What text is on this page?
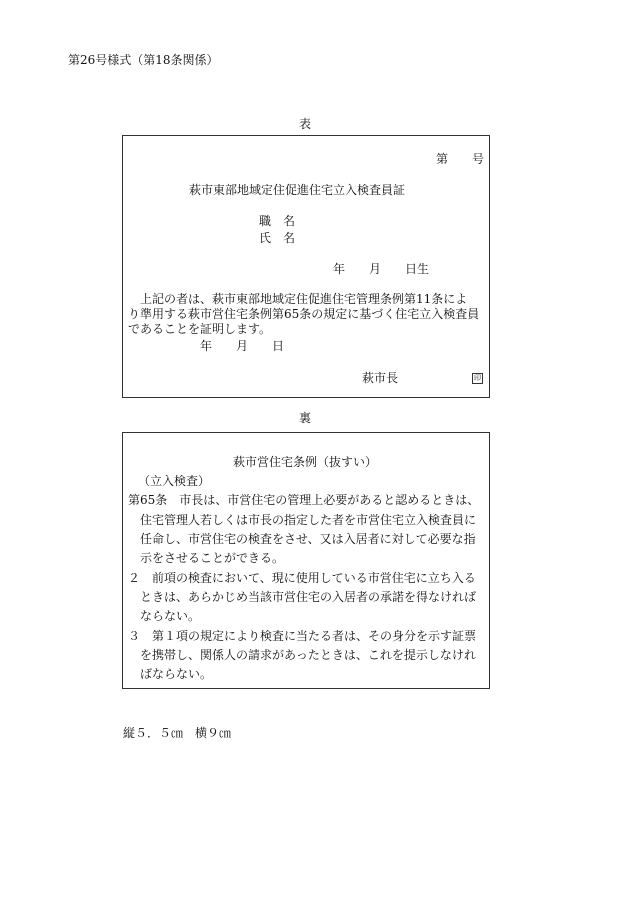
第26号様式（第18条関係）
表
第　　号
萩市東部地域定住促進住宅立入検査員証
職　名
氏　名
年　　月　　日生
上記の者は、萩市東部地域定住促進住宅管理条例第11条によ
り準用する萩市営住宅条例第65条の規定に基づく住宅立入検査員
であることを証明します。
年　　月　　日
萩市長	印
裏
萩市営住宅条例（抜すい）
（立入検査）
第65条　市長は、市営住宅の管理上必要があると認めるときは、
住宅管理人若しくは市長の指定した者を市営住宅立入検査員に
任命し、市営住宅の検査をさせ、又は入居者に対して必要な指
示をさせることができる。
２　前項の検査において、現に使用している市営住宅に立ち入る
ときは、あらかじめ当該市営住宅の入居者の承諾を得なければ
ならない。
３　第１項の規定により検査に当たる者は、その身分を示す証票
を携帯し、関係人の請求があったときは、これを提示しなけれ
ばならない。
縦５．５㎝　横９㎝
